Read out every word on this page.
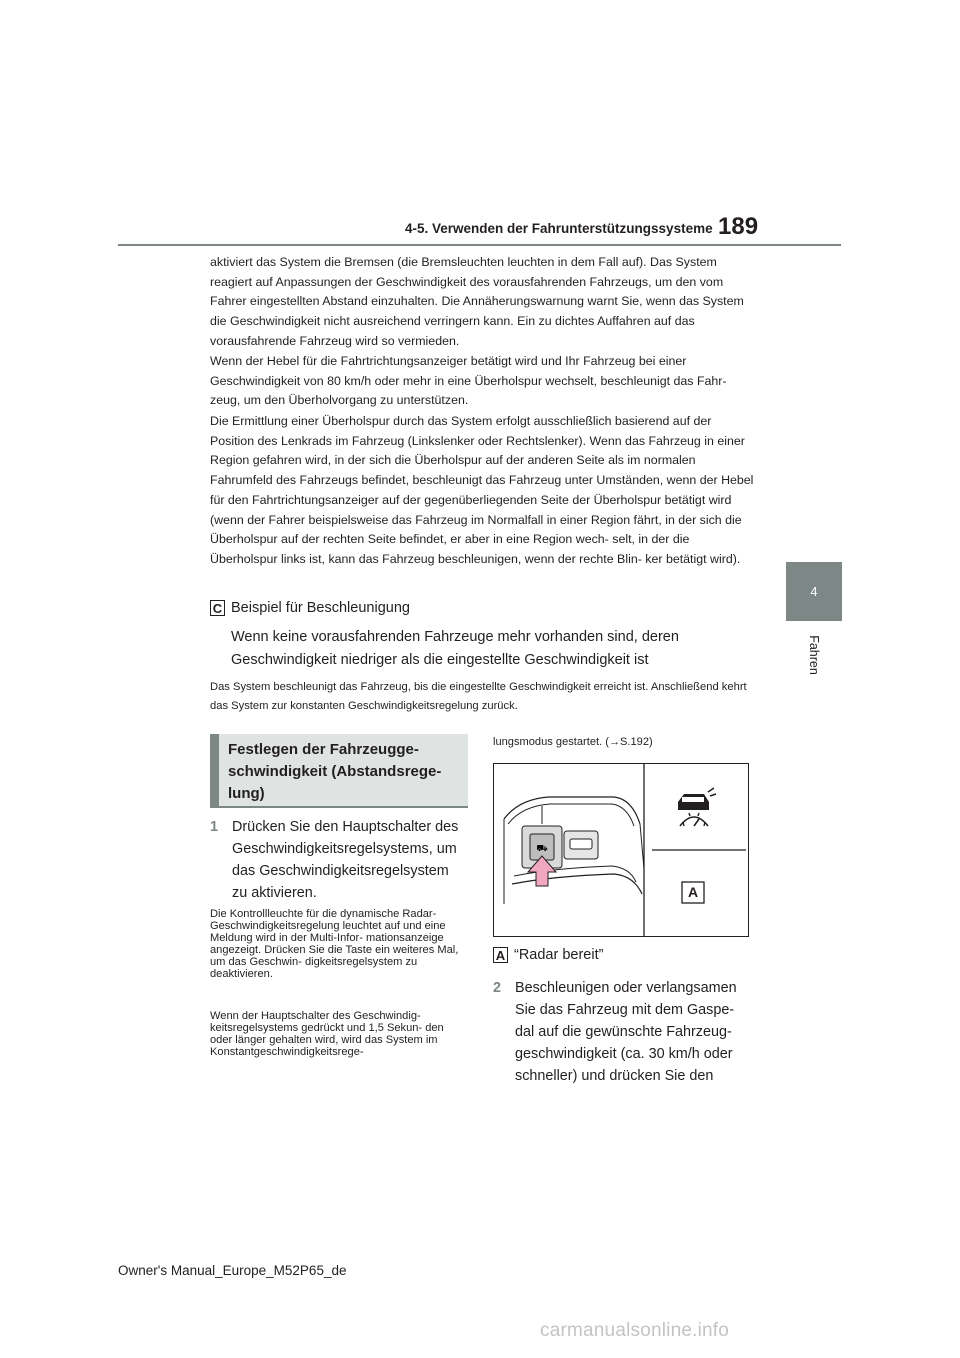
4-5. Verwenden der Fahrunterstützungssysteme 189
4
Fahren

aktiviert das System die Bremsen (die Bremsleuchten leuchten in dem Fall auf). Das System reagiert auf Anpassungen der Geschwindigkeit des vorausfahrenden Fahrzeugs, um den vom Fahrer eingestellten Abstand einzuhalten. Die Annäherungswarnung warnt Sie, wenn das System die Geschwindigkeit nicht ausreichend verringern kann. Ein zu dichtes Auffahren auf das vorausfahrende Fahrzeug wird so vermieden.

Wenn der Hebel für die Fahrtrichtungsanzeiger betätigt wird und Ihr Fahrzeug bei einer Geschwindigkeit von 80 km/h oder mehr in eine Überholspur wechselt, beschleunigt das Fahr- zeug, um den Überholvorgang zu unterstützen.

Die Ermittlung einer Überholspur durch das System erfolgt ausschließlich basierend auf der Position des Lenkrads im Fahrzeug (Linkslenker oder Rechtslenker). Wenn das Fahrzeug in einer Region gefahren wird, in der sich die Überholspur auf der anderen Seite als im normalen Fahrumfeld des Fahrzeugs befindet, beschleunigt das Fahrzeug unter Umständen, wenn der Hebel für den Fahrtrichtungsanzeiger auf der gegenüberliegenden Seite der Überholspur betätigt wird (wenn der Fahrer beispielsweise das Fahrzeug im Normalfall in einer Region fährt, in der sich die Überholspur auf der rechten Seite befindet, er aber in eine Region wech- selt, in der die Überholspur links ist, kann das Fahrzeug beschleunigen, wenn der rechte Blin- ker betätigt wird).

C Beispiel für Beschleunigung
Wenn keine vorausfahrenden Fahrzeuge mehr vorhanden sind, deren Geschwindigkeit niedriger als die eingestellte Geschwindigkeit ist
Das System beschleunigt das Fahrzeug, bis die eingestellte Geschwindigkeit erreicht ist. Anschließend kehrt das System zur konstanten Geschwindigkeitsregelung zurück.
Festlegen der Fahrzeugge- schwindigkeit (Abstandsrege- lung)
1 Drücken Sie den Hauptschalter des Geschwindigkeitsregelsystems, um das Geschwindigkeitsregelsystem zu aktivieren.
Die Kontrollleuchte für die dynamische Radar-Geschwindigkeitsregelung leuchtet auf und eine Meldung wird in der Multi-Infor- mationsanzeige angezeigt. Drücken Sie die Taste ein weiteres Mal, um das Geschwin- digkeitsregelsystem zu deaktivieren.
Wenn der Hauptschalter des Geschwindig- keitsregelsystems gedrückt und 1,5 Sekun- den oder länger gehalten wird, wird das System im Konstantgeschwindigkeitsrege-
lungsmodus gestartet. (→S.192)
⛟
A
A “Radar bereit”
2 Beschleunigen oder verlangsamen Sie das Fahrzeug mit dem Gaspe- dal auf die gewünschte Fahrzeug- geschwindigkeit (ca. 30 km/h oder schneller) und drücken Sie den
Owner's Manual_Europe_M52P65_de
carmanualsonline.info
